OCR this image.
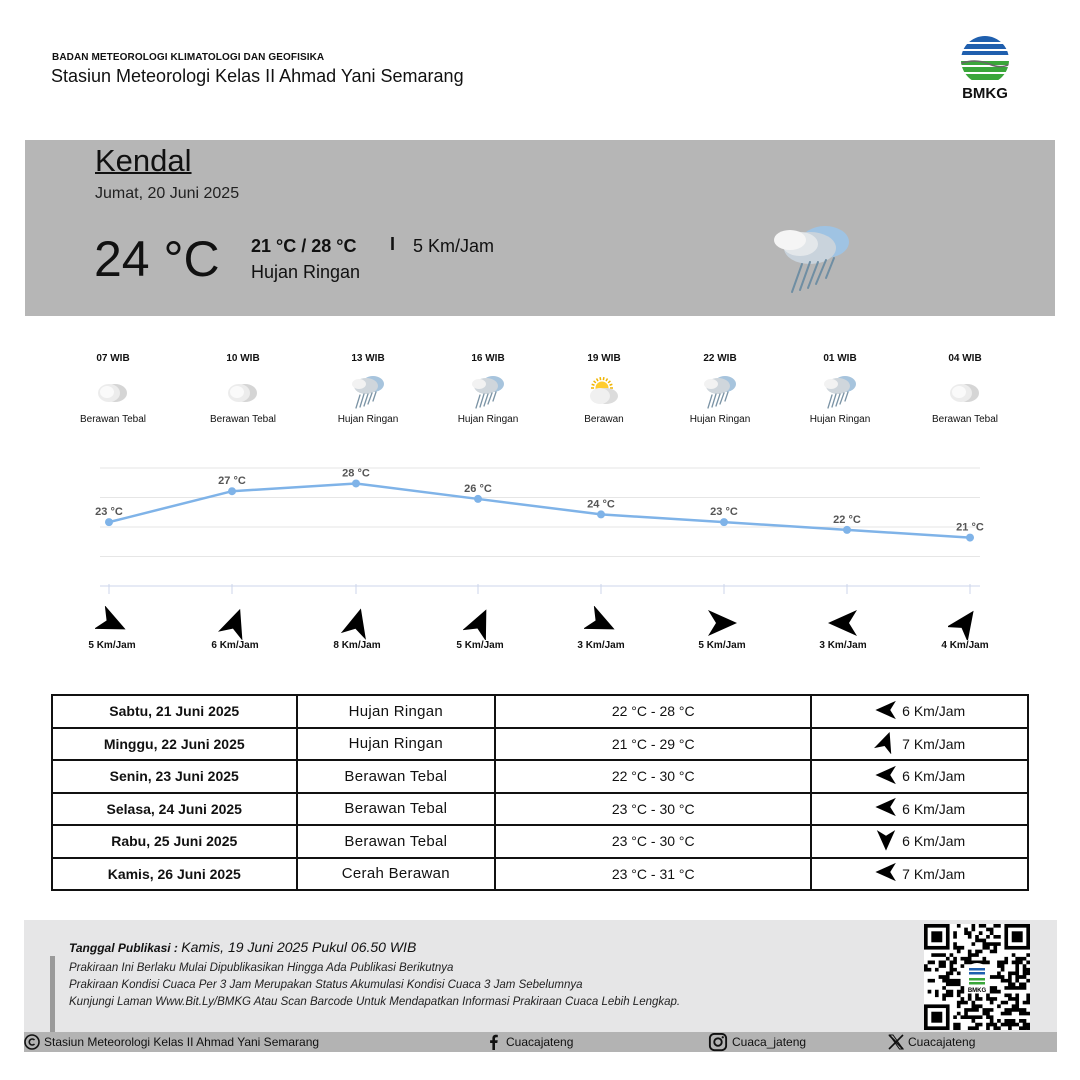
BADAN METEOROLOGI KLIMATOLOGI DAN GEOFISIKA
Stasiun Meteorologi Kelas II Ahmad Yani Semarang
BMKG
Kendal
Jumat, 20 Juni 2025
24 °C 21 °C / 28 °C I 5 Km/Jam
Hujan Ringan
07 WIB
Berawan Tebal
10 WIB
Berawan Tebal
13 WIB
Hujan Ringan
16 WIB
Hujan Ringan
19 WIB
Berawan
22 WIB
Hujan Ringan
01 WIB
Hujan Ringan
04 WIB
Berawan Tebal
23 °C
27 °C
28 °C
26 °C
24 °C
23 °C
22 °C
21 °C
5 Km/Jam	6 Km/Jam	8 Km/Jam	5 Km/Jam	3 Km/Jam	5 Km/Jam	3 Km/Jam	4 Km/Jam
Sabtu, 21 Juni 2025	Hujan Ringan	22 °C - 28 °C	6 Km/Jam

Minggu, 22 Juni 2025	Hujan Ringan	21 °C - 29 °C	7 Km/Jam

Senin, 23 Juni 2025	Berawan Tebal	22 °C - 30 °C	6 Km/Jam

Selasa, 24 Juni 2025	Berawan Tebal	23 °C - 30 °C	6 Km/Jam

Rabu, 25 Juni 2025	Berawan Tebal	23 °C - 30 °C	6 Km/Jam

Kamis, 26 Juni 2025	Cerah Berawan	23 °C - 31 °C	7 Km/Jam
Tanggal Publikasi : Kamis, 19 Juni 2025 Pukul 06.50 WIB
Prakiraan Ini Berlaku Mulai Dipublikasikan Hingga Ada Publikasi Berikutnya
Prakiraan Kondisi Cuaca Per 3 Jam Merupakan Status Akumulasi Kondisi Cuaca 3 Jam Sebelumnya
Kunjungi Laman Www.Bit.Ly/BMKG Atau Scan Barcode Untuk Mendapatkan Informasi Prakiraan Cuaca Lebih Lengkap.
BMKG
Stasiun Meteorologi Kelas II Ahmad Yani Semarang	Cuacajateng	Cuaca_jateng	Cuacajateng
